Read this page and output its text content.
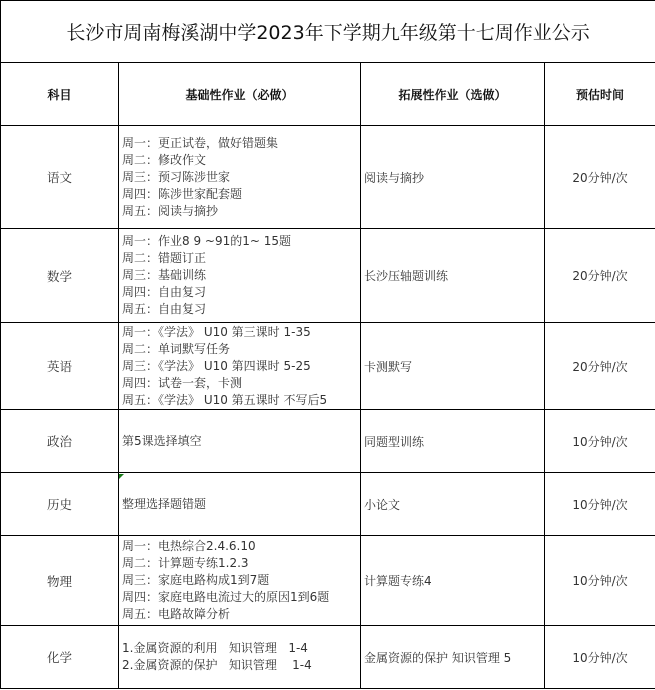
长沙市周南梅溪湖中学2023年下学期九年级第十七周作业公示			
科目	基础性作业（必做）	拓展性作业（选做）	预估时间
语文	周一：更正试卷，做好错题集
周二：修改作文
周三：预习陈涉世家
周四：陈涉世家配套题
周五：阅读与摘抄	阅读与摘抄	20分钟/次
数学	周一：作业8 9 ~91的1~ 15题
周二：错题订正
周三：基础训练
周四：自由复习
周五：自由复习	长沙压轴题训练	20分钟/次
英语	周一：《学法》 U10 第三课时 1-35
周二：单词默写任务
周三：《学法》 U10 第四课时 5-25
周四：试卷一套，卡测
周五：《学法》 U10 第五课时 不写后5	卡测默写	20分钟/次
政治	第5课选择填空	同题型训练	10分钟/次
历史	整理选择题错题	小论文	10分钟/次
物理	周一：电热综合2.4.6.10
周二：计算题专练1.2.3
周三：家庭电路构成1到7题
周四：家庭电路电流过大的原因1到6题
周五：电路故障分析	计算题专练4	10分钟/次
化学	1.金属资源的利用   知识管理   1-4
2.金属资源的保护   知识管理    1-4	金属资源的保护 知识管理 5	10分钟/次
